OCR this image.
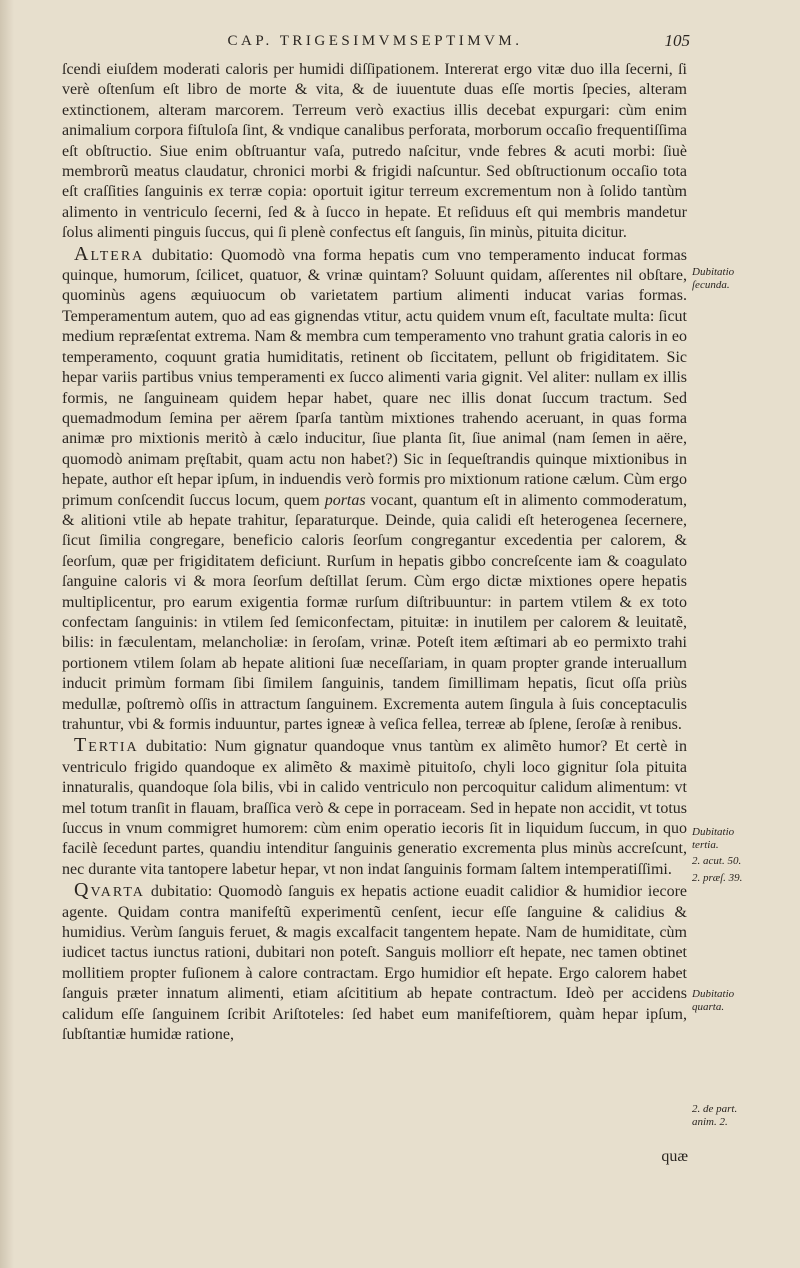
CAP. TRIGESIMVMSEPTIMVM.	105

ſcendi eiuſdem moderati caloris per humidi diſſipationem. Intererat ergo vitæ duo illa ſecerni, ſi verè oſtenſum eſt libro de morte & vita, & de iuuentute duas eſſe mortis ſpecies, alteram extinctionem, alteram marcorem. Terreum verò exactius illis decebat expurgari: cùm enim animalium corpora fiſtuloſa ſint, & vndique canalibus perforata, morborum occaſio frequentiſſima eſt obſtructio. Siue enim obſtruantur vaſa, putredo naſcitur, vnde febres & acuti morbi: ſiuè membrorũ meatus claudatur, chronici morbi & frigidi naſcuntur. Sed obſtructionum occaſio tota eſt craſſities ſanguinis ex terræ copia: oportuit igitur terreum excrementum non à ſolido tantùm alimento in ventriculo ſecerni, ſed & à ſucco in hepate. Et reſiduus eſt qui membris mandetur ſolus alimenti pinguis ſuccus, qui ſi plenè confectus eſt ſanguis, ſin minùs, pituita dicitur.

Altera dubitatio: Quomodò vna forma hepatis cum vno temperamento inducat formas quinque, humorum, ſcilicet, quatuor, & vrinæ quintam? Soluunt quidam, aſſerentes nil obſtare, quominùs agens æquiuocum ob varietatem partium alimenti inducat varias formas. Temperamentum autem, quo ad eas gignendas vtitur, actu quidem vnum eſt, facultate multa: ſicut medium repræſentat extrema. Nam & membra cum temperamento vno trahunt gratia caloris in eo temperamento, coquunt gratia humiditatis, retinent ob ſiccitatem, pellunt ob frigiditatem. Sic hepar variis partibus vnius temperamenti ex ſucco alimenti varia gignit. Vel aliter: nullam ex illis formis, ne ſanguineam quidem hepar habet, quare nec illis donat ſuccum tractum. Sed quemadmodum ſemina per aërem ſparſa tantùm mixtiones trahendo aceruant, in quas forma animæ pro mixtionis meritò à cælo inducitur, ſiue planta ſit, ſiue animal (nam ſemen in aëre, quomodò animam pręſtabit, quam actu non habet?) Sic in ſequeſtrandis quinque mixtionibus in hepate, author eſt hepar ipſum, in induendis verò formis pro mixtionum ratione cælum. Cùm ergo primum conſcendit ſuccus locum, quem portas vocant, quantum eſt in alimento commoderatum, & alitioni vtile ab hepate trahitur, ſeparaturque. Deinde, quia calidi eſt heterogenea ſecernere, ſicut ſimilia congregare, beneficio caloris ſeorſum congregantur excedentia per calorem, & ſeorſum, quæ per frigiditatem deficiunt. Rurſum in hepatis gibbo concreſcente iam & coagulato ſanguine caloris vi & mora ſeorſum deſtillat ſerum. Cùm ergo dictæ mixtiones opere hepatis multiplicentur, pro earum exigentia formæ rurſum diſtribuuntur: in partem vtilem & ex toto confectam ſanguinis: in vtilem ſed ſemiconfectam, pituitæ: in inutilem per calorem & leuitatẽ, bilis: in fæculentam, melancholiæ: in ſeroſam, vrinæ. Poteſt item æſtimari ab eo permixto trahi portionem vtilem ſolam ab hepate alitioni ſuæ neceſſariam, in quam propter grande interuallum inducit primùm formam ſibi ſimilem ſanguinis, tandem ſimillimam hepatis, ſicut oſſa priùs medullæ, poſtremò oſſis in attractum ſanguinem. Excrementa autem ſingula à ſuis conceptaculis trahuntur, vbi & formis induuntur, partes igneæ à veſica fellea, terreæ ab ſplene, ſeroſæ à renibus.

Tertia dubitatio: Num gignatur quandoque vnus tantùm ex alimẽto humor? Et certè in ventriculo frigido quandoque ex alimẽto & maximè pituitoſo, chyli loco gignitur ſola pituita innaturalis, quandoque ſola bilis, vbi in calido ventriculo non percoquitur calidum alimentum: vt mel totum tranſit in flauam, braſſica verò & cepe in porraceam. Sed in hepate non accidit, vt totus ſuccus in vnum commigret humorem: cùm enim operatio iecoris ſit in liquidum ſuccum, in quo facilè ſecedunt partes, quandiu intenditur ſanguinis generatio excrementa plus minùs accreſcunt, nec durante vita tantopere labetur hepar, vt non indat ſanguinis formam ſaltem intemperatiſſimi.

Qvarta dubitatio: Quomodò ſanguis ex hepatis actione euadit calidior & humidior iecore agente. Quidam contra manifeſtũ experimentũ cenſent, iecur eſſe ſanguine & calidius & humidius. Verùm ſanguis feruet, & magis excalfacit tangentem hepate. Nam de humiditate, cùm iudicet tactus iunctus rationi, dubitari non poteſt. Sanguis molliorr eſt hepate, nec tamen obtinet mollitiem propter fuſionem à calore contractam. Ergo humidior eſt hepate. Ergo calorem habet ſanguis præter innatum alimenti, etiam aſcititium ab hepate contractum. Ideò per accidens calidum eſſe ſanguinem ſcribit Ariſtoteles: ſed habet eum manifeſtiorem, quàm hepar ipſum, ſubſtantiæ humidæ ratione,

Dubitatio
ſecunda.
Dubitatio
tertia.
2. acut. 50.
2. præſ. 39.
Dubitatio
quarta.
2. de part.
anim. 2.
quæ
